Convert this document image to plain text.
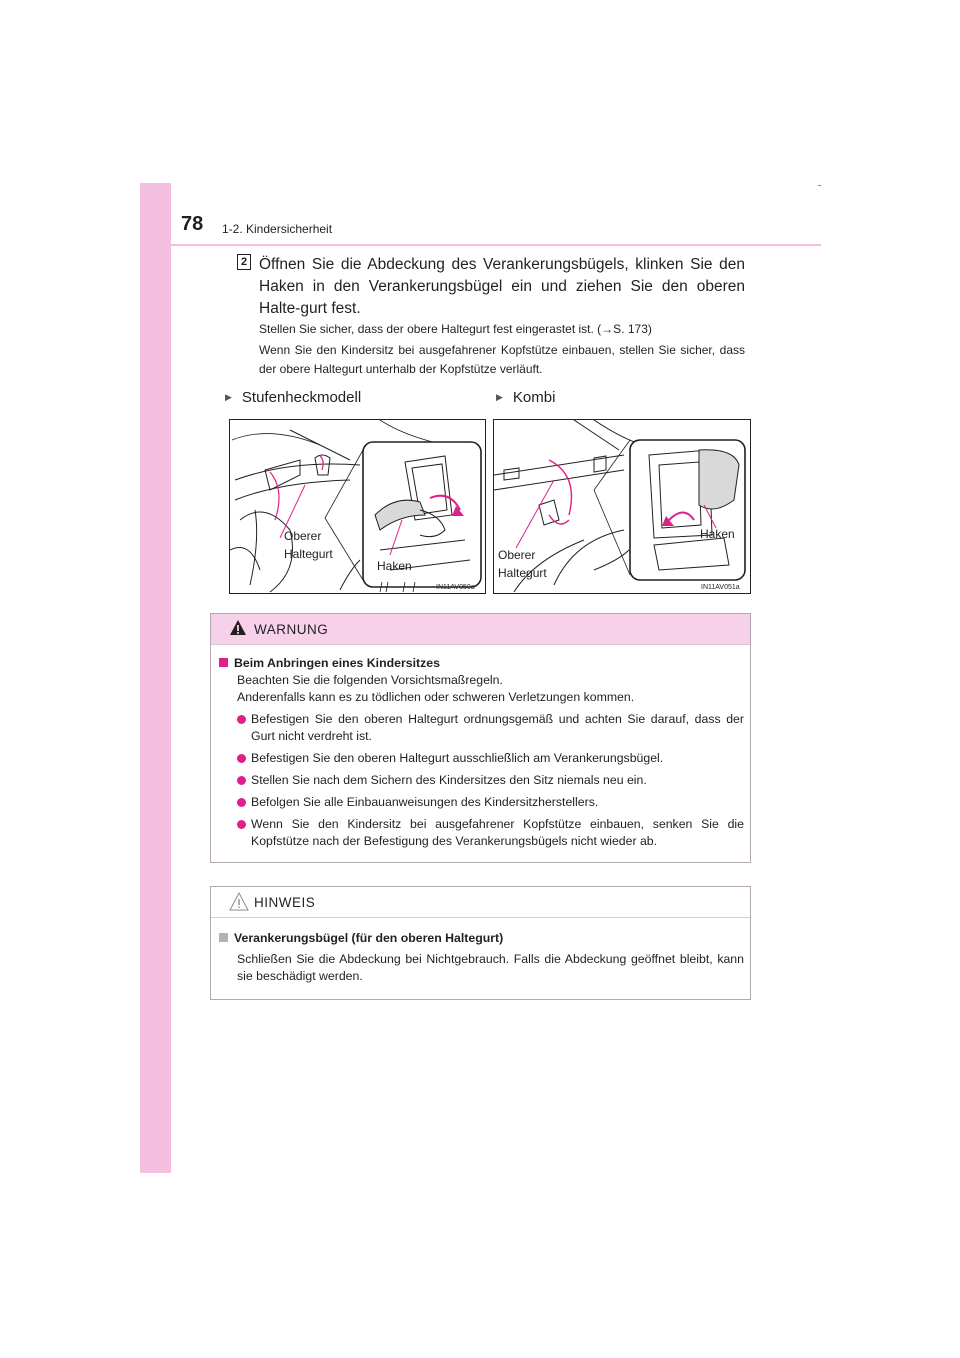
78 1-2. Kindersicherheit
2 Öffnen Sie die Abdeckung des Verankerungsbügels, klinken Sie den Haken in den Verankerungsbügel ein und ziehen Sie den oberen Halte-gurt fest.
Stellen Sie sicher, dass der obere Haltegurt fest eingerastet ist. (→S. 173)
Wenn Sie den Kindersitz bei ausgefahrener Kopfstütze einbauen, stellen Sie sicher, dass der obere Haltegurt unterhalb der Kopfstütze verläuft.
▶ Stufenheckmodell	▶ Kombi
Oberer
Haltegurt
Haken
IN11AV050a
Oberer
Haltegurt
Haken
IN11AV051a
WARNUNG
Beim Anbringen eines Kindersitzes
Beachten Sie die folgenden Vorsichtsmaßregeln.
Anderenfalls kann es zu tödlichen oder schweren Verletzungen kommen.
Befestigen Sie den oberen Haltegurt ordnungsgemäß und achten Sie darauf, dass der Gurt nicht verdreht ist.
Befestigen Sie den oberen Haltegurt ausschließlich am Verankerungsbügel.
Stellen Sie nach dem Sichern des Kindersitzes den Sitz niemals neu ein.
Befolgen Sie alle Einbauanweisungen des Kindersitzherstellers.
Wenn Sie den Kindersitz bei ausgefahrener Kopfstütze einbauen, senken Sie die Kopfstütze nach der Befestigung des Verankerungsbügels nicht wieder ab.
HINWEIS
Verankerungsbügel (für den oberen Haltegurt)
Schließen Sie die Abdeckung bei Nichtgebrauch. Falls die Abdeckung geöffnet bleibt, kann sie beschädigt werden.
